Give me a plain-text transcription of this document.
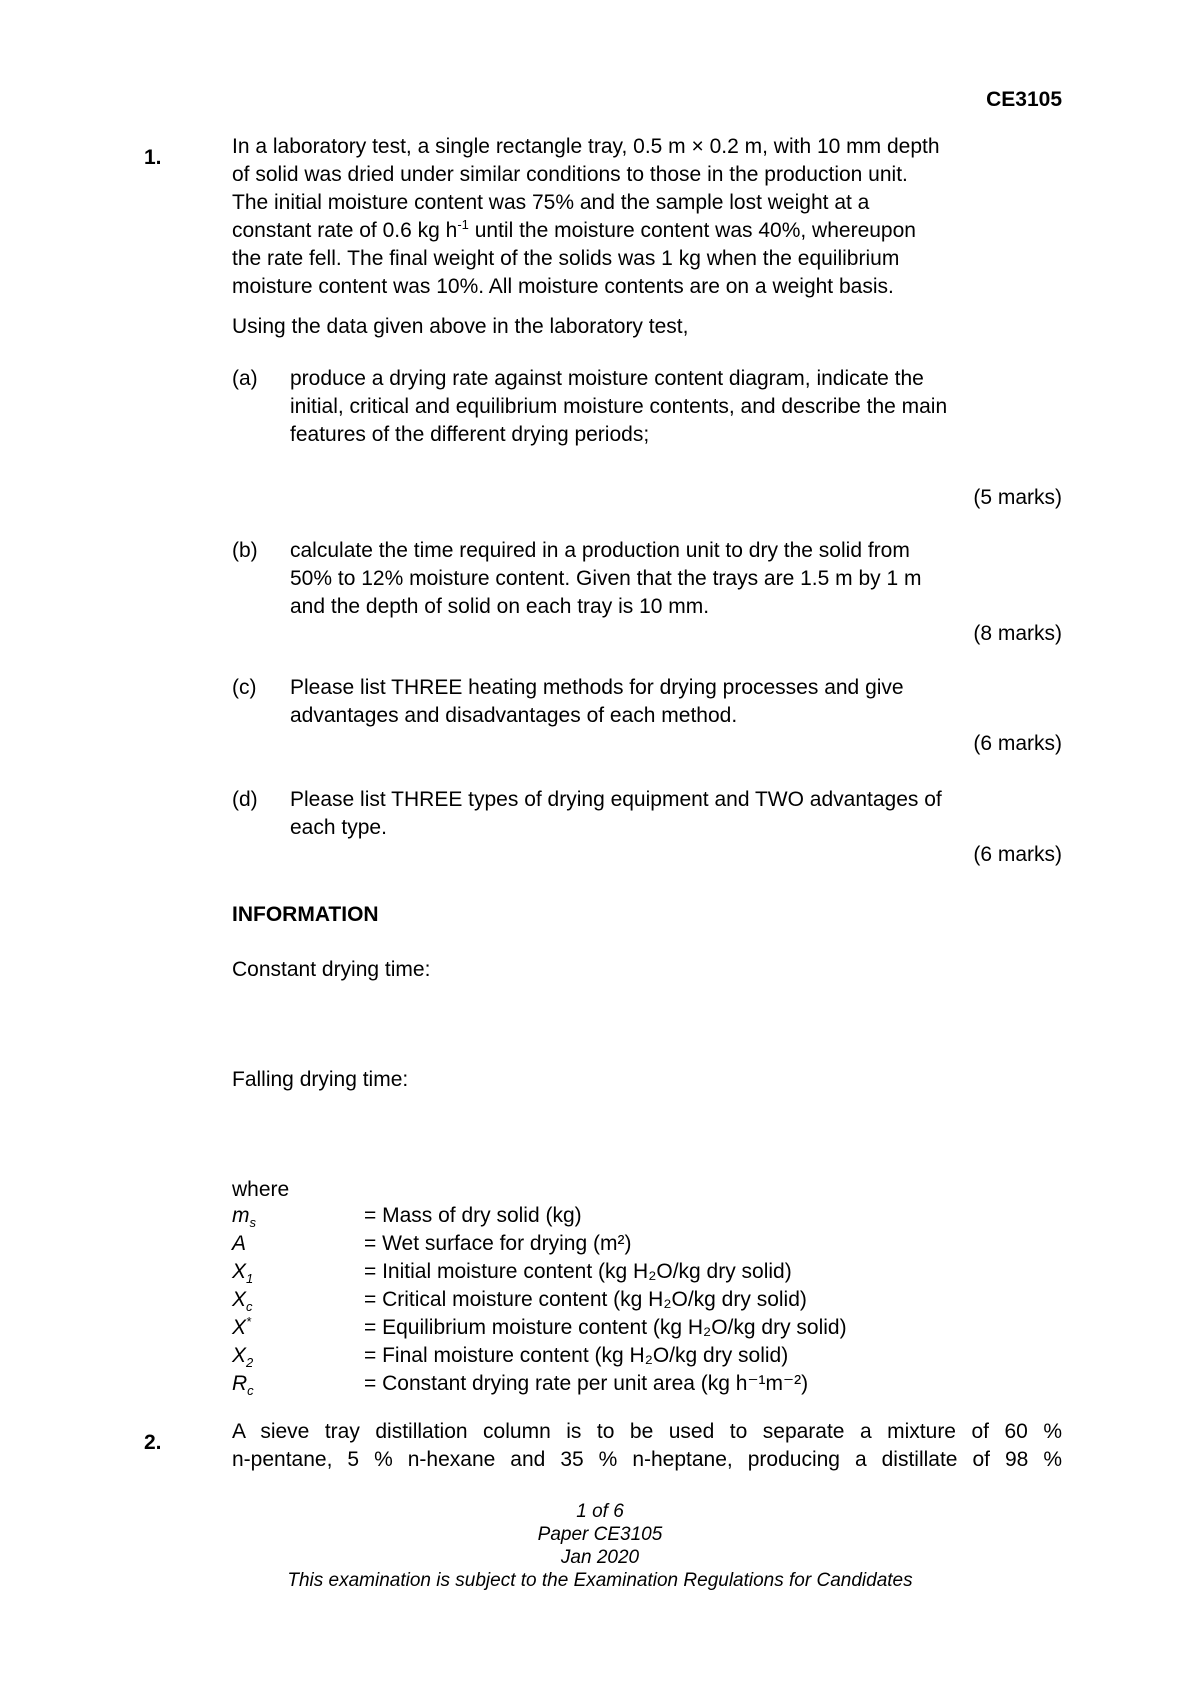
CE3105
1.	In a laboratory test, a single rectangle tray, 0.5 m × 0.2 m, with 10 mm depth
of solid was dried under similar conditions to those in the production unit.
The initial moisture content was 75% and the sample lost weight at a
constant rate of 0.6 kg $h^{-1}$ until the moisture content was 40%, whereupon
the rate fell. The final weight of the solids was 1 kg when the equilibrium
moisture content was 10%. All moisture contents are on a weight basis.
Using the data given above in the laboratory test,
(a) produce a drying rate against moisture content diagram, indicate the
initial, critical and equilibrium moisture contents, and describe the main
features of the different drying periods;
(5 marks)
(b) calculate the time required in a production unit to dry the solid from
50% to 12% moisture content. Given that the trays are 1.5 m by 1 m
and the depth of solid on each tray is 10 mm.
(8 marks)
(c) Please list THREE heating methods for drying processes and give
advantages and disadvantages of each method.
(6 marks)
(d) Please list THREE types of drying equipment and TWO advantages of
each type.
(6 marks)
INFORMATION
Constant drying time:
Falling drying time:
where
$m_s$	= Mass of dry solid (kg)
A	= Wet surface for drying (m²)
$X_1$	= Initial moisture content (kg H₂O/kg dry solid)
$X_c$	= Critical moisture content (kg H₂O/kg dry solid)
X*	= Equilibrium moisture content (kg H₂O/kg dry solid)
$X_2$	= Final moisture content (kg H₂O/kg dry solid)
$R_c$	= Constant drying rate per unit area (kg h⁻¹m⁻²)
2.	A sieve tray distillation column is to be used to separate a mixture of 60 %
n-pentane, 5 % n-hexane and 35 % n-heptane, producing a distillate of 98 %
1 of 6
Paper CE3105
Jan 2020
This examination is subject to the Examination Regulations for Candidates
